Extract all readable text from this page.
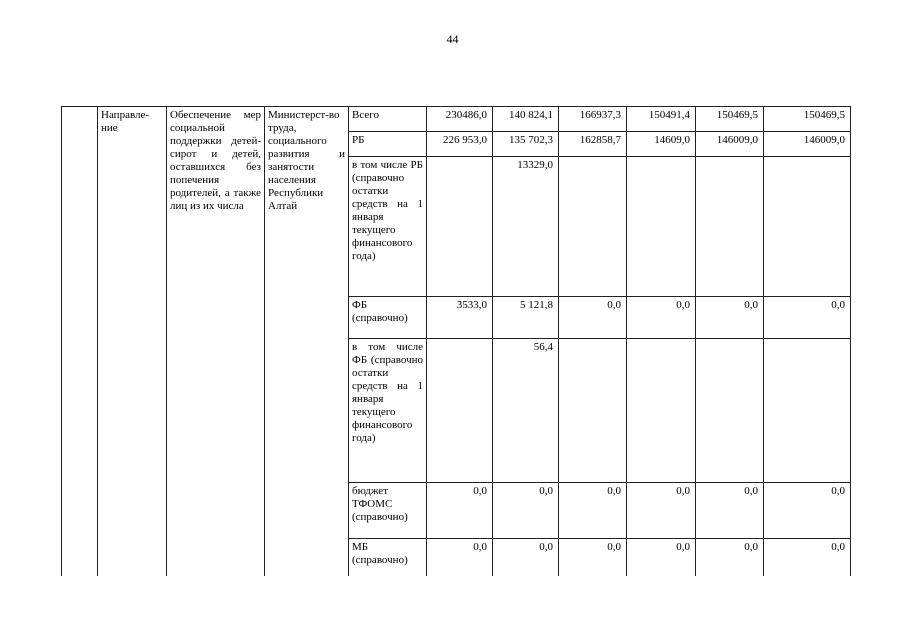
44

	Направле-ние	Обеспечение мер социальной поддержки детей-сирот и детей, оставшихся без попечения родителей, а также лиц из их числа	Министерст-во труда, социального развития и занятости населения Республики Алтай	Всего	230486,0	140 824,1	166937,3	150491,4	150469,5	150469,5
				РБ	226 953,0	135 702,3	162858,7	14609,0	146009,0	146009,0
				в том числе РБ (справочно остатки средств на 1 января текущего финансового года)		13329,0				
				ФБ (справочно)	3533,0	5 121,8	0,0	0,0	0,0	0,0
				в том числе ФБ (справочно остатки средств на 1 января текущего финансового года)		56,4				
				бюджет ТФОМС (справочно)	0,0	0,0	0,0	0,0	0,0	0,0
				МБ (справочно)	0,0	0,0	0,0	0,0	0,0	0,0
